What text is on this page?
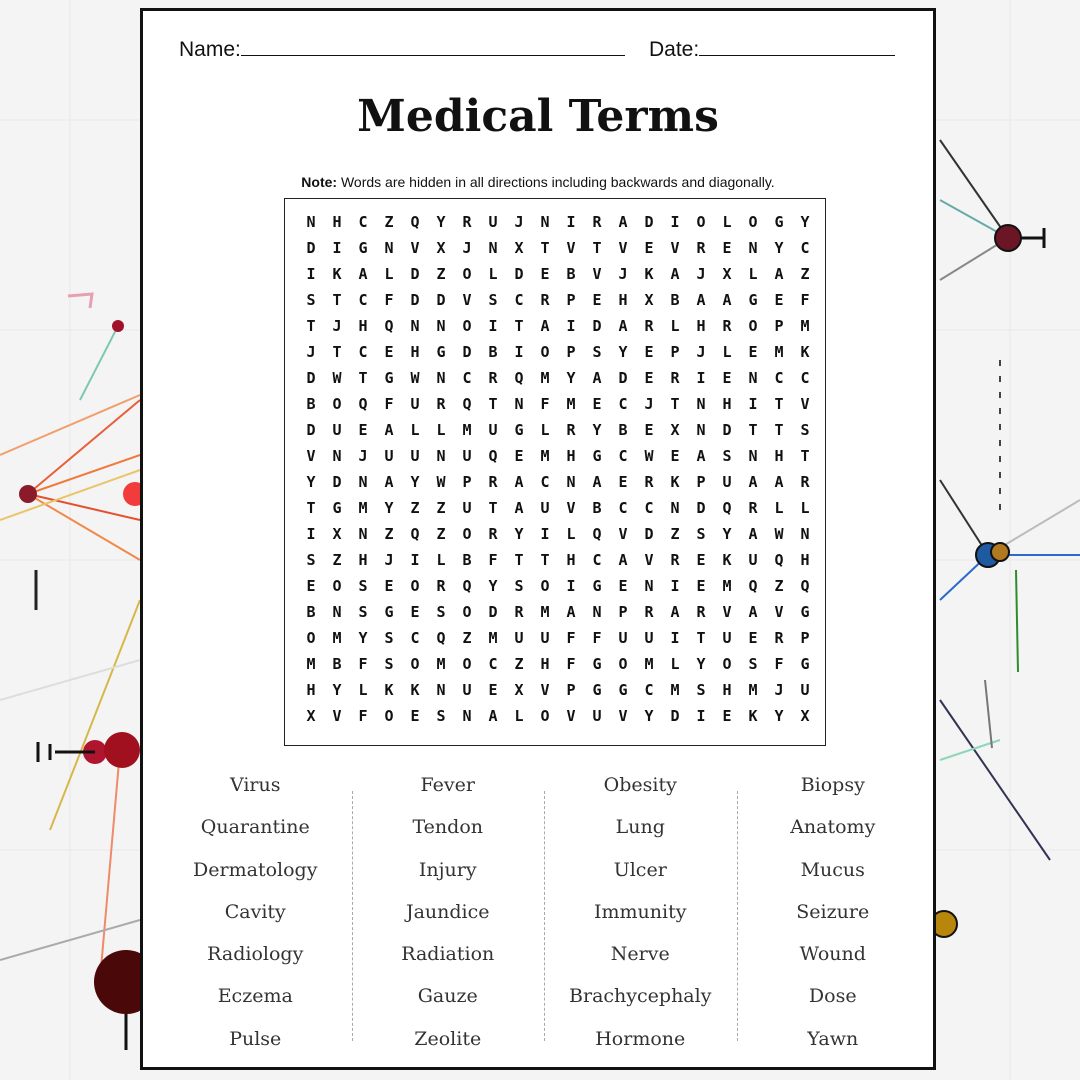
Name:	Date:
Medical Terms
Note: Words are hidden in all directions including backwards and diagonally.
N	H	C	Z	Q	Y	R	U	J	N	I	R	A	D	I	O	L	O	G	Y
D	I	G	N	V	X	J	N	X	T	V	T	V	E	V	R	E	N	Y	C
I	K	A	L	D	Z	O	L	D	E	B	V	J	K	A	J	X	L	A	Z
S	T	C	F	D	D	V	S	C	R	P	E	H	X	B	A	A	G	E	F
T	J	H	Q	N	N	O	I	T	A	I	D	A	R	L	H	R	O	P	M
J	T	C	E	H	G	D	B	I	O	P	S	Y	E	P	J	L	E	M	K
D	W	T	G	W	N	C	R	Q	M	Y	A	D	E	R	I	E	N	C	C
B	O	Q	F	U	R	Q	T	N	F	M	E	C	J	T	N	H	I	T	V
D	U	E	A	L	L	M	U	G	L	R	Y	B	E	X	N	D	T	T	S
V	N	J	U	U	N	U	Q	E	M	H	G	C	W	E	A	S	N	H	T
Y	D	N	A	Y	W	P	R	A	C	N	A	E	R	K	P	U	A	A	R
T	G	M	Y	Z	Z	U	T	A	U	V	B	C	C	N	D	Q	R	L	L
I	X	N	Z	Q	Z	O	R	Y	I	L	Q	V	D	Z	S	Y	A	W	N
S	Z	H	J	I	L	B	F	T	T	H	C	A	V	R	E	K	U	Q	H
E	O	S	E	O	R	Q	Y	S	O	I	G	E	N	I	E	M	Q	Z	Q
B	N	S	G	E	S	O	D	R	M	A	N	P	R	A	R	V	A	V	G
O	M	Y	S	C	Q	Z	M	U	U	F	F	U	U	I	T	U	E	R	P
M	B	F	S	O	M	O	C	Z	H	F	G	O	M	L	Y	O	S	F	G
H	Y	L	K	K	N	U	E	X	V	P	G	G	C	M	S	H	M	J	U
X	V	F	O	E	S	N	A	L	O	V	U	V	Y	D	I	E	K	Y	X
Virus
Quarantine
Dermatology
Cavity
Radiology
Eczema
Pulse
Fever
Tendon
Injury
Jaundice
Radiation
Gauze
Zeolite
Obesity
Lung
Ulcer
Immunity
Nerve
Brachycephaly
Hormone
Biopsy
Anatomy
Mucus
Seizure
Wound
Dose
Yawn
